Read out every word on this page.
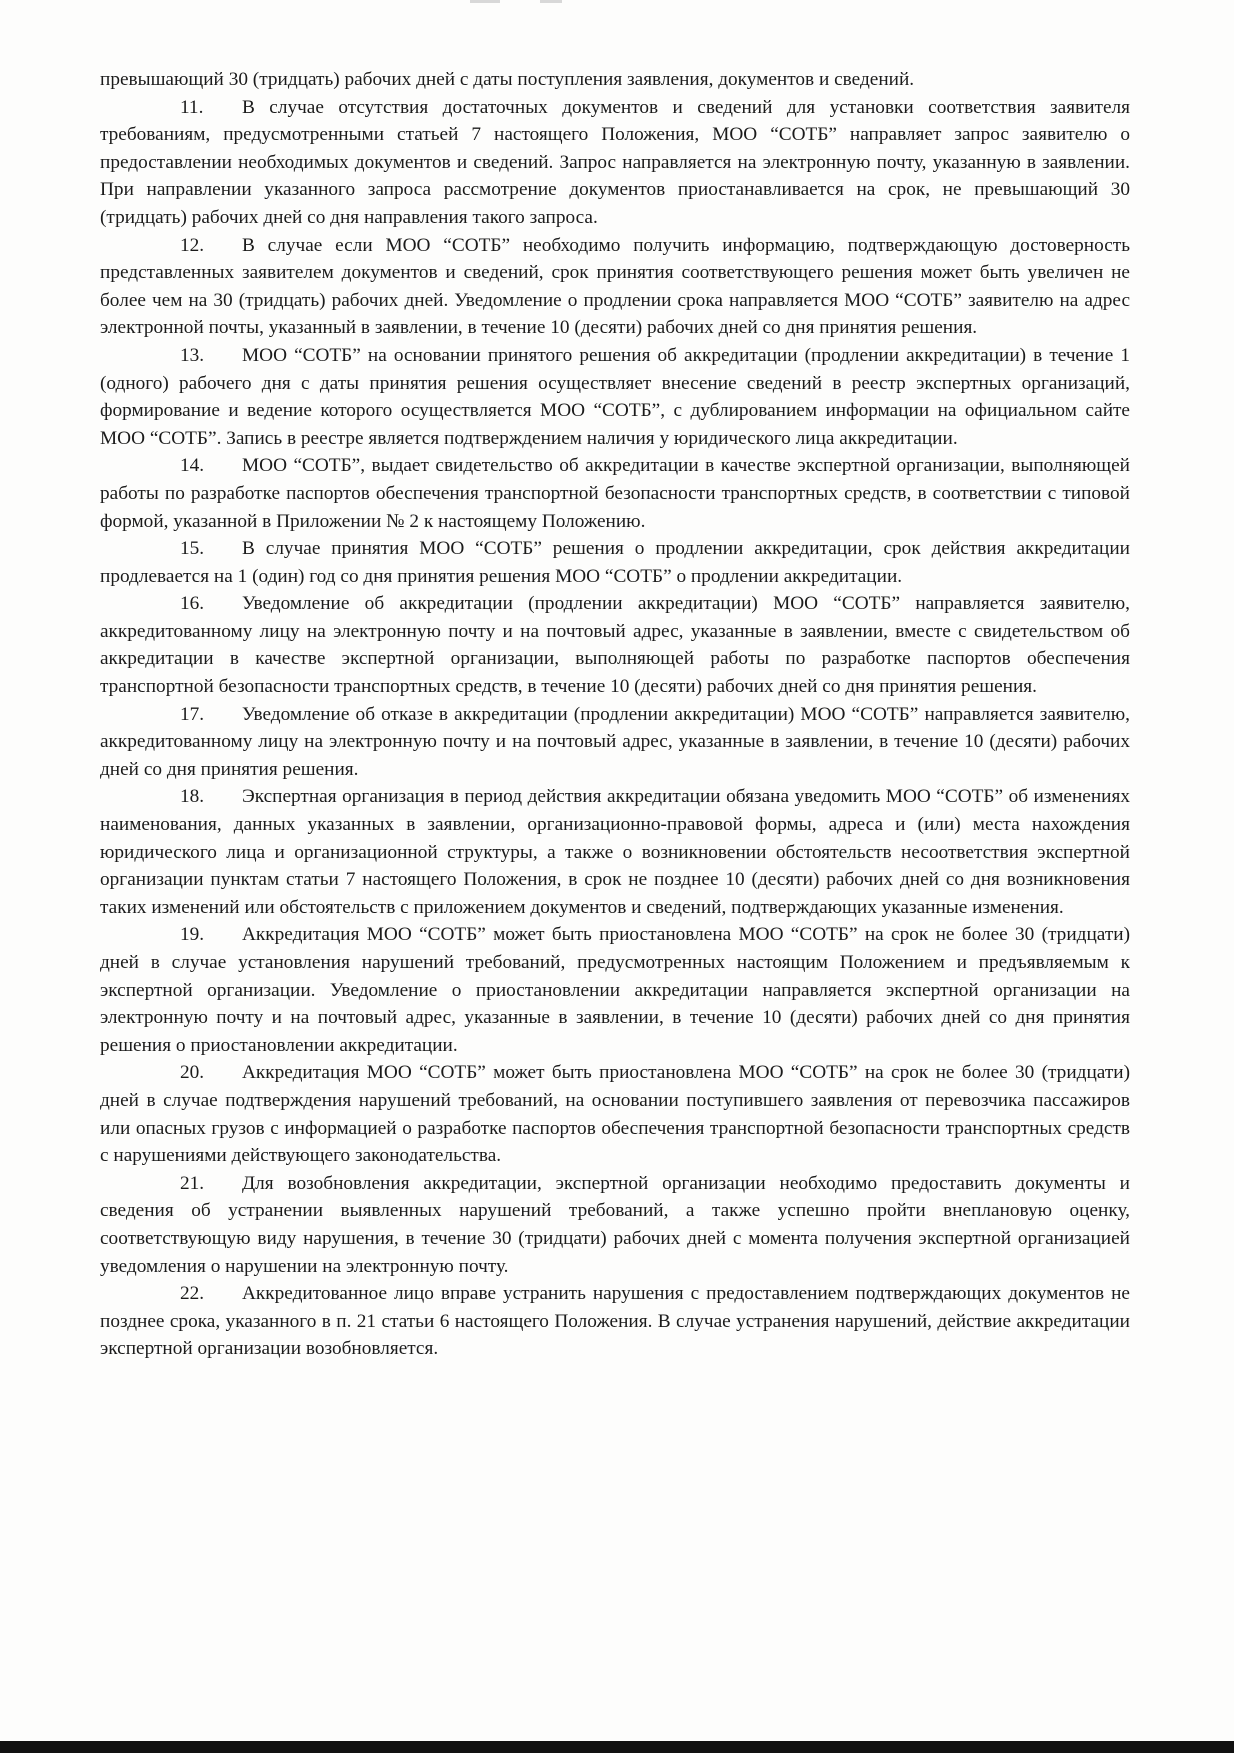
превышающий 30 (тридцать) рабочих дней с даты поступления заявления, документов и сведений.

11. В случае отсутствия достаточных документов и сведений для установки соответствия заявителя требованиям, предусмотренными статьей 7 настоящего Положения, МОО “СОТБ” направляет запрос заявителю о предоставлении необходимых документов и сведений. Запрос направляется на электронную почту, указанную в заявлении. При направлении указанного запроса рассмотрение документов приостанавливается на срок, не превышающий 30 (тридцать) рабочих дней со дня направления такого запроса.

12. В случае если МОО “СОТБ” необходимо получить информацию, подтверждающую достоверность представленных заявителем документов и сведений, срок принятия соответствующего решения может быть увеличен не более чем на 30 (тридцать) рабочих дней. Уведомление о продлении срока направляется МОО “СОТБ” заявителю на адрес электронной почты, указанный в заявлении, в течение 10 (десяти) рабочих дней со дня принятия решения.

13. МОО “СОТБ” на основании принятого решения об аккредитации (продлении аккредитации) в течение 1 (одного) рабочего дня с даты принятия решения осуществляет внесение сведений в реестр экспертных организаций, формирование и ведение которого осуществляется МОО “СОТБ”, с дублированием информации на официальном сайте МОО “СОТБ”. Запись в реестре является подтверждением наличия у юридического лица аккредитации.

14. МОО “СОТБ”, выдает свидетельство об аккредитации в качестве экспертной организации, выполняющей работы по разработке паспортов обеспечения транспортной безопасности транспортных средств, в соответствии с типовой формой, указанной в Приложении № 2 к настоящему Положению.

15. В случае принятия МОО “СОТБ” решения о продлении аккредитации, срок действия аккредитации продлевается на 1 (один) год со дня принятия решения МОО “СОТБ” о продлении аккредитации.

16. Уведомление об аккредитации (продлении аккредитации) МОО “СОТБ” направляется заявителю, аккредитованному лицу на электронную почту и на почтовый адрес, указанные в заявлении, вместе с свидетельством об аккредитации в качестве экспертной организации, выполняющей работы по разработке паспортов обеспечения транспортной безопасности транспортных средств, в течение 10 (десяти) рабочих дней со дня принятия решения.

17. Уведомление об отказе в аккредитации (продлении аккредитации) МОО “СОТБ” направляется заявителю, аккредитованному лицу на электронную почту и на почтовый адрес, указанные в заявлении, в течение 10 (десяти) рабочих дней со дня принятия решения.

18. Экспертная организация в период действия аккредитации обязана уведомить МОО “СОТБ” об изменениях наименования, данных указанных в заявлении, организационно-правовой формы, адреса и (или) места нахождения юридического лица и организационной структуры, а также о возникновении обстоятельств несоответствия экспертной организации пунктам статьи 7 настоящего Положения, в срок не позднее 10 (десяти) рабочих дней со дня возникновения таких изменений или обстоятельств с приложением документов и сведений, подтверждающих указанные изменения.

19. Аккредитация МОО “СОТБ” может быть приостановлена МОО “СОТБ” на срок не более 30 (тридцати) дней в случае установления нарушений требований, предусмотренных настоящим Положением и предъявляемым к экспертной организации. Уведомление о приостановлении аккредитации направляется экспертной организации на электронную почту и на почтовый адрес, указанные в заявлении, в течение 10 (десяти) рабочих дней со дня принятия решения о приостановлении аккредитации.

20. Аккредитация МОО “СОТБ” может быть приостановлена МОО “СОТБ” на срок не более 30 (тридцати) дней в случае подтверждения нарушений требований, на основании поступившего заявления от перевозчика пассажиров или опасных грузов с информацией о разработке паспортов обеспечения транспортной безопасности транспортных средств с нарушениями действующего законодательства.

21. Для возобновления аккредитации, экспертной организации необходимо предоставить документы и сведения об устранении выявленных нарушений требований, а также успешно пройти внеплановую оценку, соответствующую виду нарушения, в течение 30 (тридцати) рабочих дней с момента получения экспертной организацией уведомления о нарушении на электронную почту.

22. Аккредитованное лицо вправе устранить нарушения с предоставлением подтверждающих документов не позднее срока, указанного в п. 21 статьи 6 настоящего Положения. В случае устранения нарушений, действие аккредитации экспертной организации возобновляется.
